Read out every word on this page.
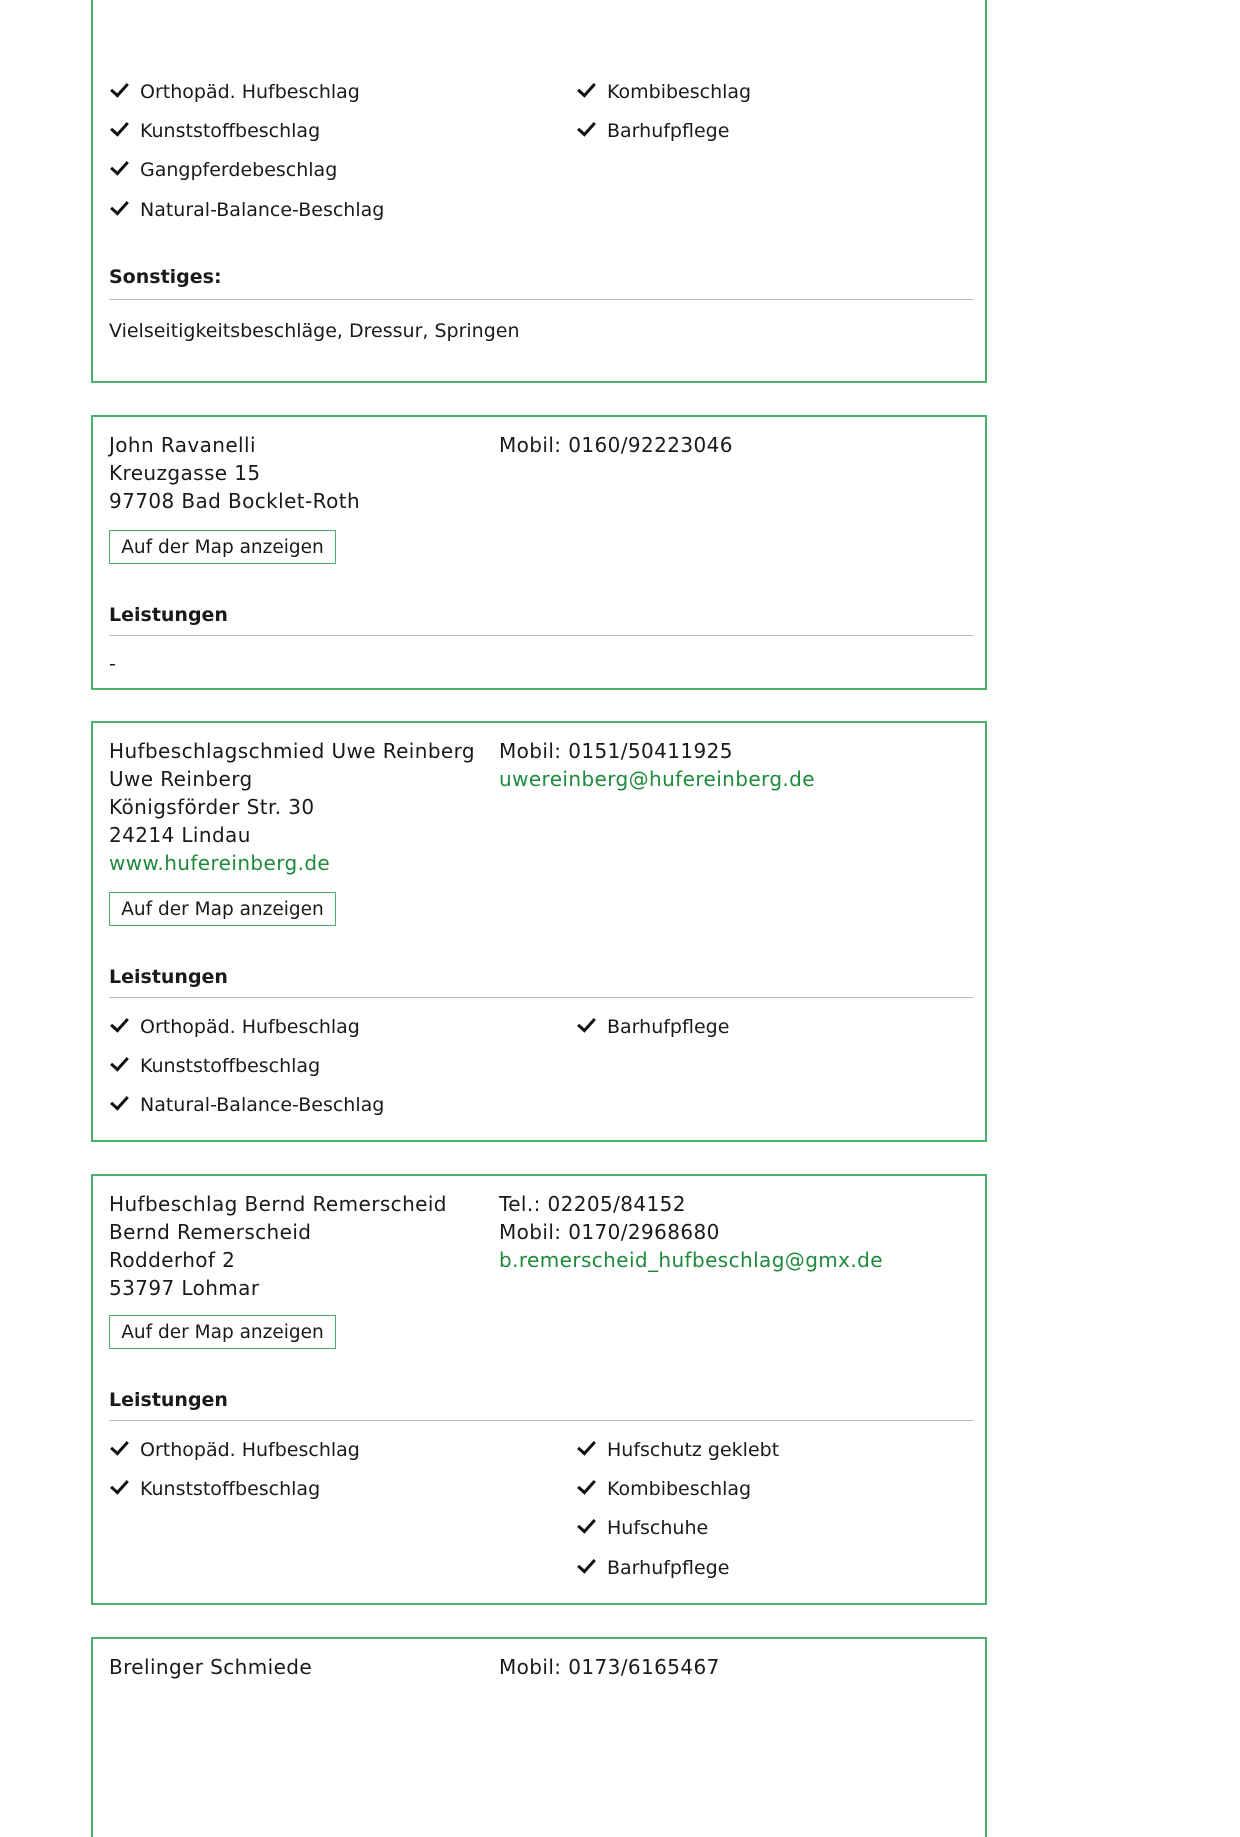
Orthopäd. Hufbeschlag
Kunststoffbeschlag
Gangpferdebeschlag
Natural-Balance-Beschlag
Kombibeschlag
Barhufpflege
Sonstiges:
Vielseitigkeitsbeschläge, Dressur, Springen
John Ravanelli
Kreuzgasse 15
97708 Bad Bocklet-Roth
Mobil: 0160/92223046
Auf der Map anzeigen
Leistungen
-
Hufbeschlagschmied Uwe Reinberg
Uwe Reinberg
Königsförder Str. 30
24214 Lindau
www.hufereinberg.de
Mobil: 0151/50411925
uwereinberg@hufereinberg.de
Auf der Map anzeigen
Leistungen
Orthopäd. Hufbeschlag
Kunststoffbeschlag
Natural-Balance-Beschlag
Barhufpflege
Hufbeschlag Bernd Remerscheid
Bernd Remerscheid
Rodderhof 2
53797 Lohmar
Tel.: 02205/84152
Mobil: 0170/2968680
b.remerscheid_hufbeschlag@gmx.de
Auf der Map anzeigen
Leistungen
Orthopäd. Hufbeschlag
Kunststoffbeschlag
Hufschutz geklebt
Kombibeschlag
Hufschuhe
Barhufpflege
Brelinger Schmiede	Mobil: 0173/6165467
